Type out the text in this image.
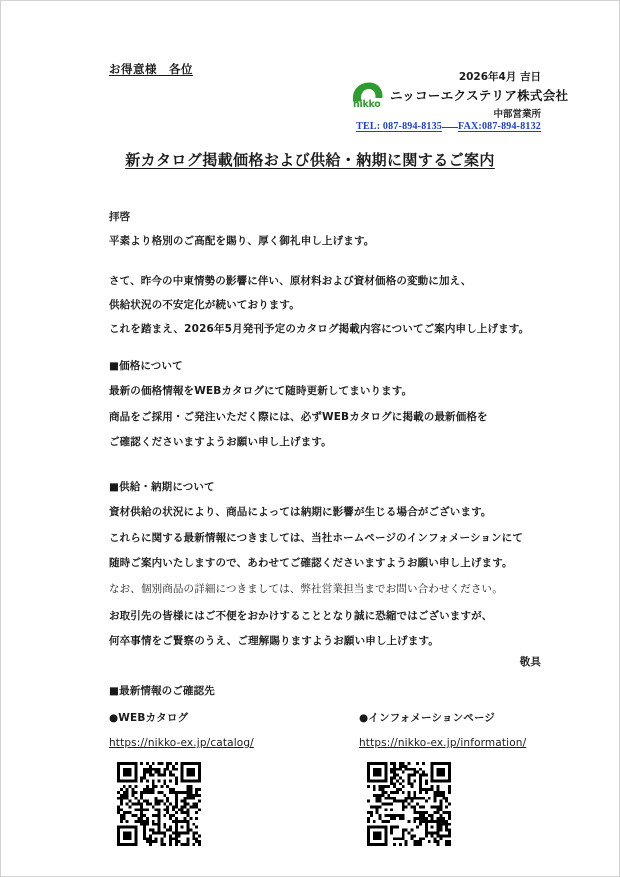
お得意様　各位
2026年4月 吉日
nikko
ニッコーエクステリア株式会社
中部営業所
TEL: 087-894-8135 FAX:087-894-8132
新カタログ掲載価格および供給・納期に関するご案内
拝啓
平素より格別のご高配を賜り、厚く御礼申し上げます。
さて、昨今の中東情勢の影響に伴い、原材料および資材価格の変動に加え、
供給状況の不安定化が続いております。
これを踏まえ、2026年5月発刊予定のカタログ掲載内容についてご案内申し上げます。
■価格について
最新の価格情報をWEBカタログにて随時更新してまいります。
商品をご採用・ご発注いただく際には、必ずWEBカタログに掲載の最新価格を
ご確認くださいますようお願い申し上げます。
■供給・納期について
資材供給の状況により、商品によっては納期に影響が生じる場合がございます。
これらに関する最新情報につきましては、当社ホームページのインフォメーションにて
随時ご案内いたしますので、あわせてご確認くださいますようお願い申し上げます。
なお、個別商品の詳細につきましては、弊社営業担当までお問い合わせください。
お取引先の皆様にはご不便をおかけすることとなり誠に恐縮ではございますが、
何卒事情をご賢察のうえ、ご理解賜りますようお願い申し上げます。
敬具
■最新情報のご確認先
●WEBカタログ	●インフォメーションページ
https://nikko-ex.jp/catalog/	https://nikko-ex.jp/information/
